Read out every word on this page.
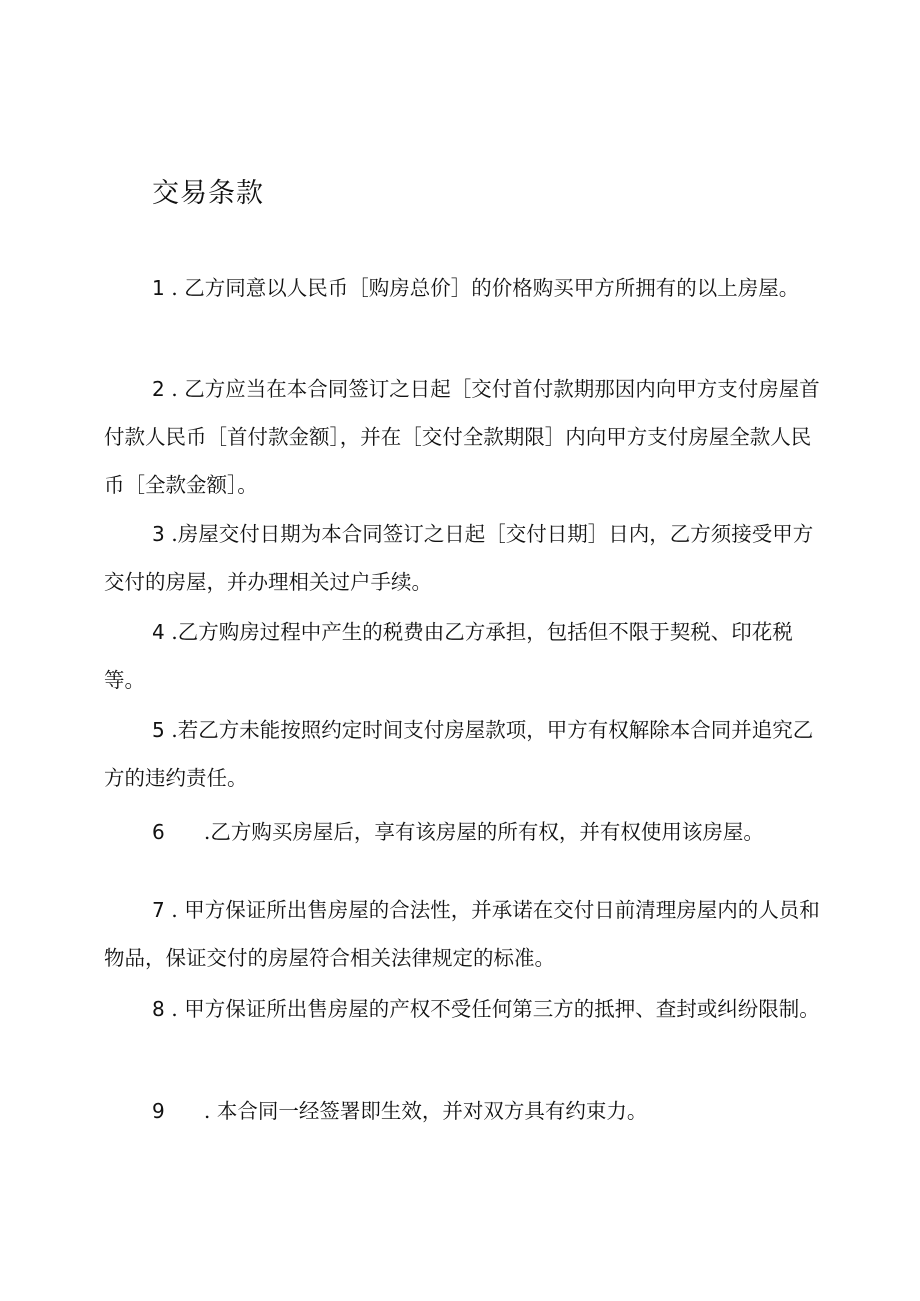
交易条款
1 . 乙方同意以人民币［购房总价］的价格购买甲方所拥有的以上房屋。
2 . 乙方应当在本合同签订之日起［交付首付款期那因内向甲方支付房屋首付款人民币［首付款金额］，并在［交付全款期限］内向甲方支付房屋全款人民币［全款金额］。
3 .房屋交付日期为本合同签订之日起［交付日期］日内，乙方须接受甲方交付的房屋，并办理相关过户手续。
4 .乙方购房过程中产生的税费由乙方承担，包括但不限于契税、印花税等。
5 .若乙方未能按照约定时间支付房屋款项，甲方有权解除本合同并追究乙方的违约责任。
6      .乙方购买房屋后，享有该房屋的所有权，并有权使用该房屋。
7 . 甲方保证所出售房屋的合法性，并承诺在交付日前清理房屋内的人员和物品，保证交付的房屋符合相关法律规定的标准。
8 . 甲方保证所出售房屋的产权不受任何第三方的抵押、查封或纠纷限制。
9      . 本合同一经签署即生效，并对双方具有约束力。
